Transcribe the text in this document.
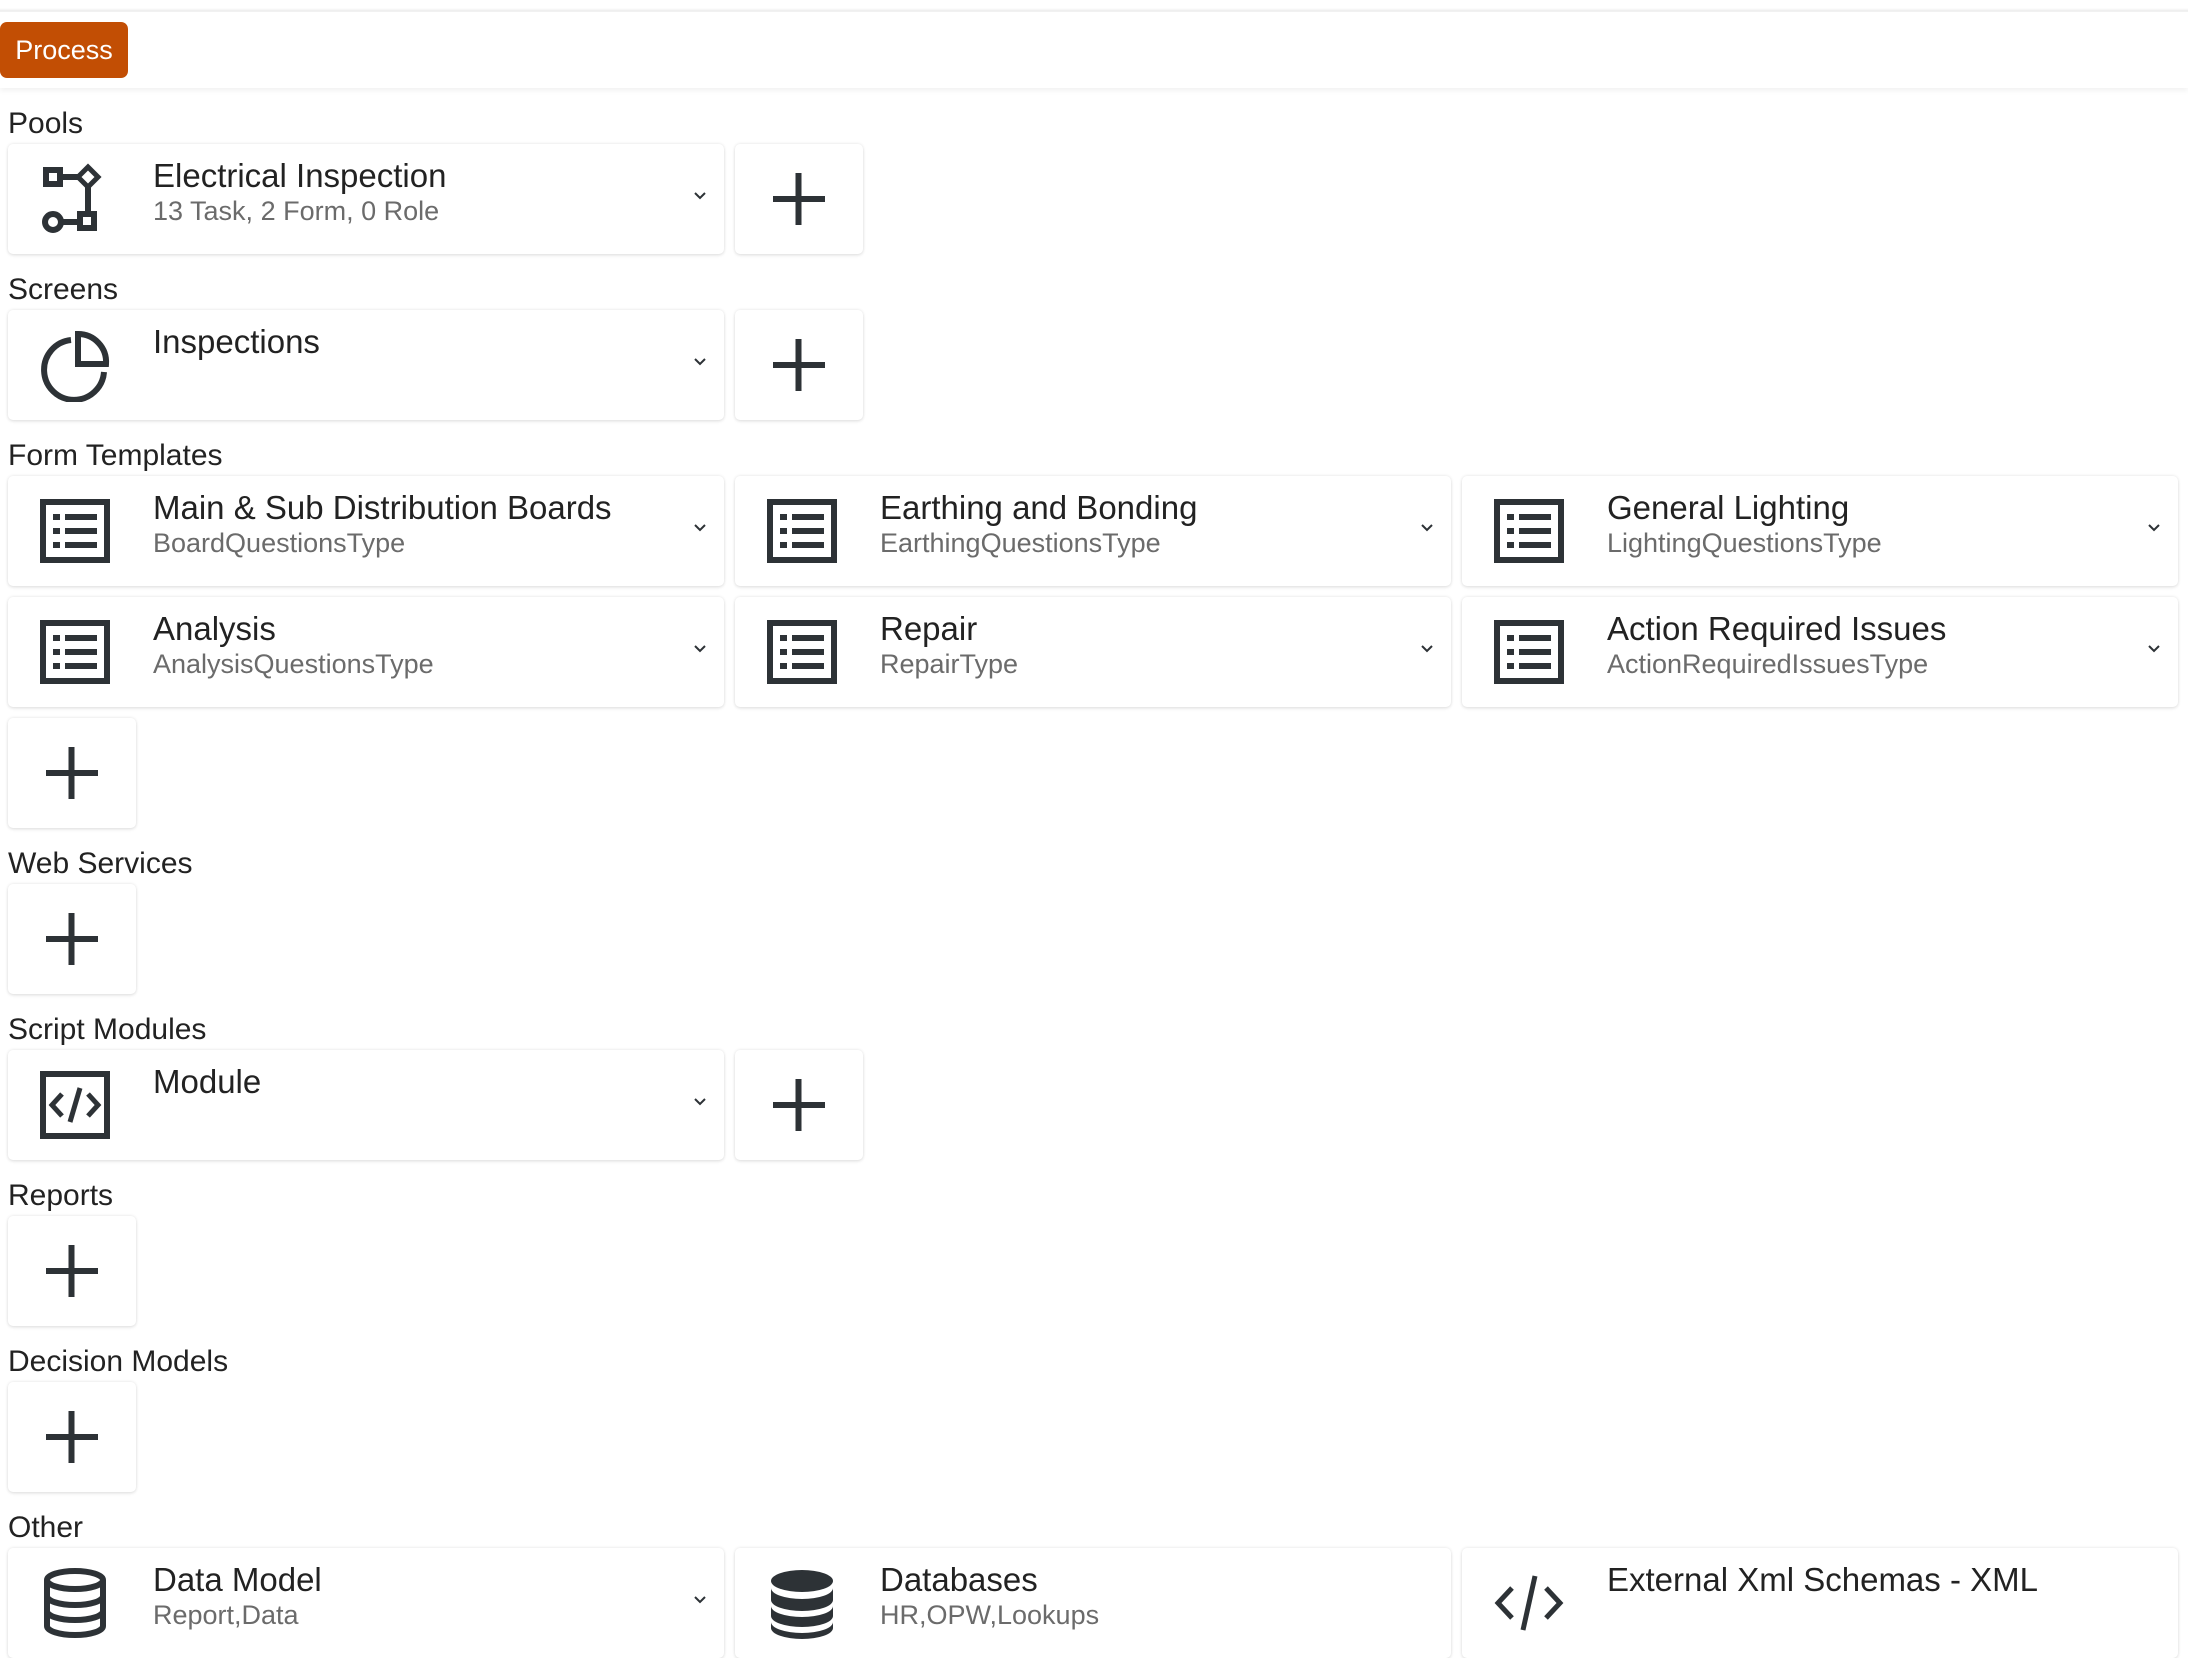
Process
Pools
Electrical Inspection
13 Task, 2 Form, 0 Role
Screens
Inspections
Form Templates
Main & Sub Distribution Boards
BoardQuestionsType
Earthing and Bonding
EarthingQuestionsType
General Lighting
LightingQuestionsType
Analysis
AnalysisQuestionsType
Repair
RepairType
Action Required Issues
ActionRequiredIssuesType
Web Services
Script Modules
Module
Reports
Decision Models
Other
Data Model
Report,Data
Databases
HR,OPW,Lookups
External Xml Schemas - XML
